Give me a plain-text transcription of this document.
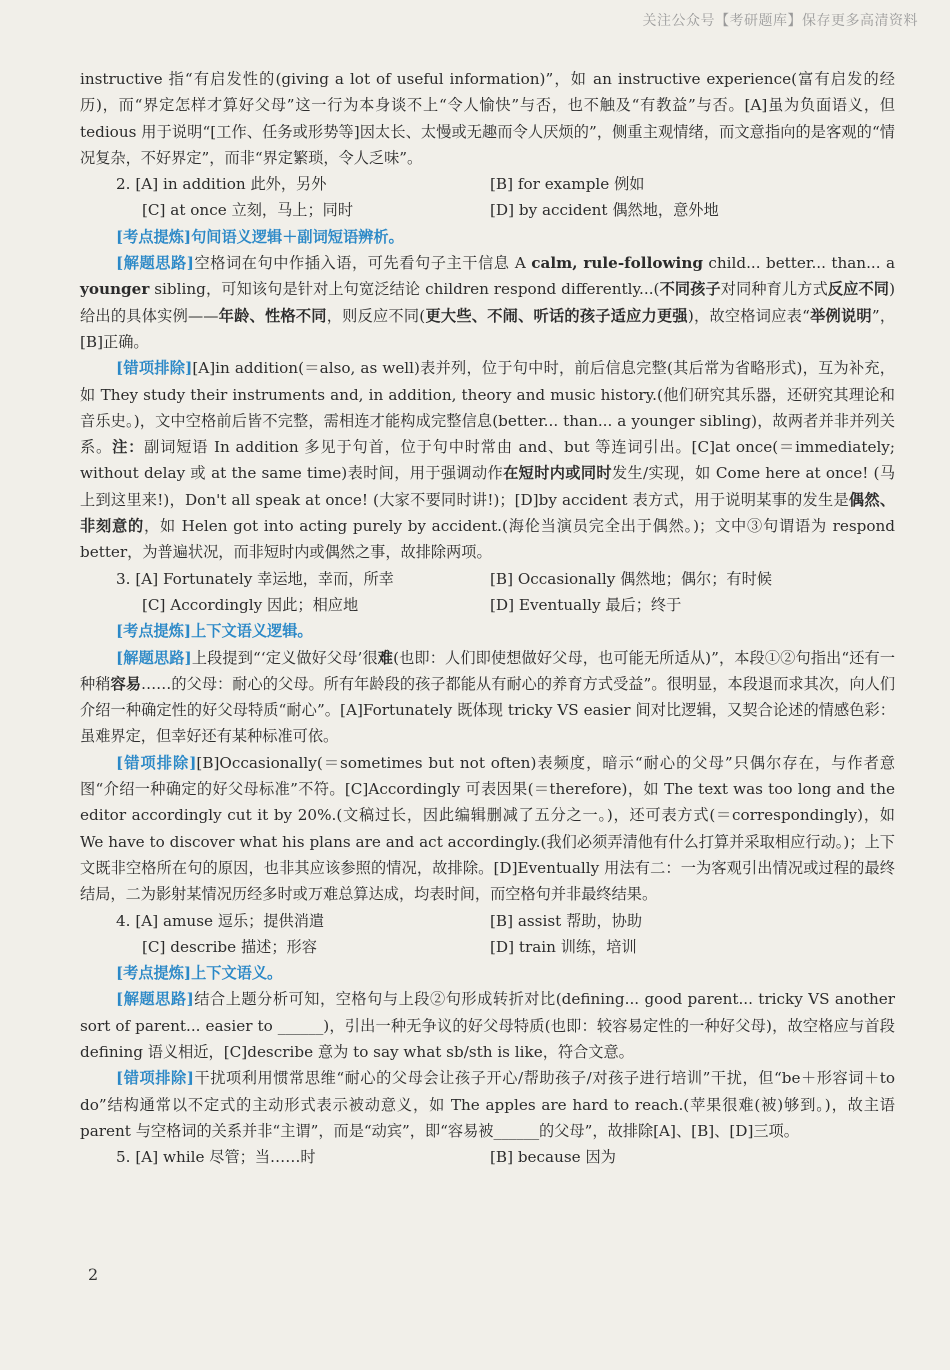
关注公众号【考研题库】保存更多高清资料

instructive 指“有启发性的(giving a lot of useful information)”，如 an instructive experience(富有启发的经历)，而“界定怎样才算好父母”这一行为本身谈不上“令人愉快”与否，也不触及“有教益”与否。[A]虽为负面语义，但 tedious 用于说明“[工作、任务或形势等]因太长、太慢或无趣而令人厌烦的”，侧重主观情绪，而文意指向的是客观的“情况复杂，不好界定”，而非“界定繁琐，令人乏味”。

2. [A] in addition 此外，另外	[B] for example 例如
[C] at once 立刻，马上；同时	[D] by accident 偶然地，意外地
[考点提炼]句间语义逻辑＋副词短语辨析。

[解题思路]空格词在句中作插入语，可先看句子主干信息 A calm, rule-following child... better... than... a younger sibling，可知该句是针对上句宽泛结论 children respond differently...(不同孩子对同种育儿方式反应不同)给出的具体实例——年龄、性格不同，则反应不同(更大些、不闹、听话的孩子适应力更强)，故空格词应表“举例说明”，[B]正确。

[错项排除][A]in addition(＝also, as well)表并列，位于句中时，前后信息完整(其后常为省略形式)，互为补充，如 They study their instruments and, in addition, theory and music history.(他们研究其乐器，还研究其理论和音乐史。)，文中空格前后皆不完整，需相连才能构成完整信息(better... than... a younger sibling)，故两者并非并列关系。注：副词短语 In addition 多见于句首，位于句中时常由 and、but 等连词引出。[C]at once(＝immediately; without delay 或 at the same time)表时间，用于强调动作在短时内或同时发生/实现，如 Come here at once! (马上到这里来!)，Don't all speak at once! (大家不要同时讲!)；[D]by accident 表方式，用于说明某事的发生是偶然、非刻意的，如 Helen got into acting purely by accident.(海伦当演员完全出于偶然。)；文中③句谓语为 respond better，为普遍状况，而非短时内或偶然之事，故排除两项。

3. [A] Fortunately 幸运地，幸而，所幸	[B] Occasionally 偶然地；偶尔；有时候
[C] Accordingly 因此；相应地	[D] Eventually 最后；终于
[考点提炼]上下文语义逻辑。

[解题思路]上段提到“‘定义做好父母’很难(也即：人们即使想做好父母，也可能无所适从)”，本段①②句指出“还有一种稍容易……的父母：耐心的父母。所有年龄段的孩子都能从有耐心的养育方式受益”。很明显，本段退而求其次，向人们介绍一种确定性的好父母特质“耐心”。[A]Fortunately 既体现 tricky VS easier 间对比逻辑，又契合论述的情感色彩：虽难界定，但幸好还有某种标准可依。

[错项排除][B]Occasionally(＝sometimes but not often)表频度，暗示“耐心的父母”只偶尔存在，与作者意图“介绍一种确定的好父母标准”不符。[C]Accordingly 可表因果(＝therefore)，如 The text was too long and the editor accordingly cut it by 20%.(文稿过长，因此编辑删减了五分之一。)，还可表方式(＝correspondingly)，如 We have to discover what his plans are and act accordingly.(我们必须弄清他有什么打算并采取相应行动。)；上下文既非空格所在句的原因，也非其应该参照的情况，故排除。[D]Eventually 用法有二：一为客观引出情况或过程的最终结局，二为影射某情况历经多时或万难总算达成，均表时间，而空格句并非最终结果。

4. [A] amuse 逗乐；提供消遣	[B] assist 帮助，协助
[C] describe 描述；形容	[D] train 训练，培训
[考点提炼]上下文语义。

[解题思路]结合上题分析可知，空格句与上段②句形成转折对比(defining... good parent... tricky VS another sort of parent... easier to ______)，引出一种无争议的好父母特质(也即：较容易定性的一种好父母)，故空格应与首段 defining 语义相近，[C]describe 意为 to say what sb/sth is like，符合文意。

[错项排除]干扰项利用惯常思维“耐心的父母会让孩子开心/帮助孩子/对孩子进行培训”干扰，但“be＋形容词＋to do”结构通常以不定式的主动形式表示被动意义，如 The apples are hard to reach.(苹果很难(被)够到。)，故主语 parent 与空格词的关系并非“主谓”，而是“动宾”，即“容易被______的父母”，故排除[A]、[B]、[D]三项。

5. [A] while 尽管；当……时	[B] because 因为
2
